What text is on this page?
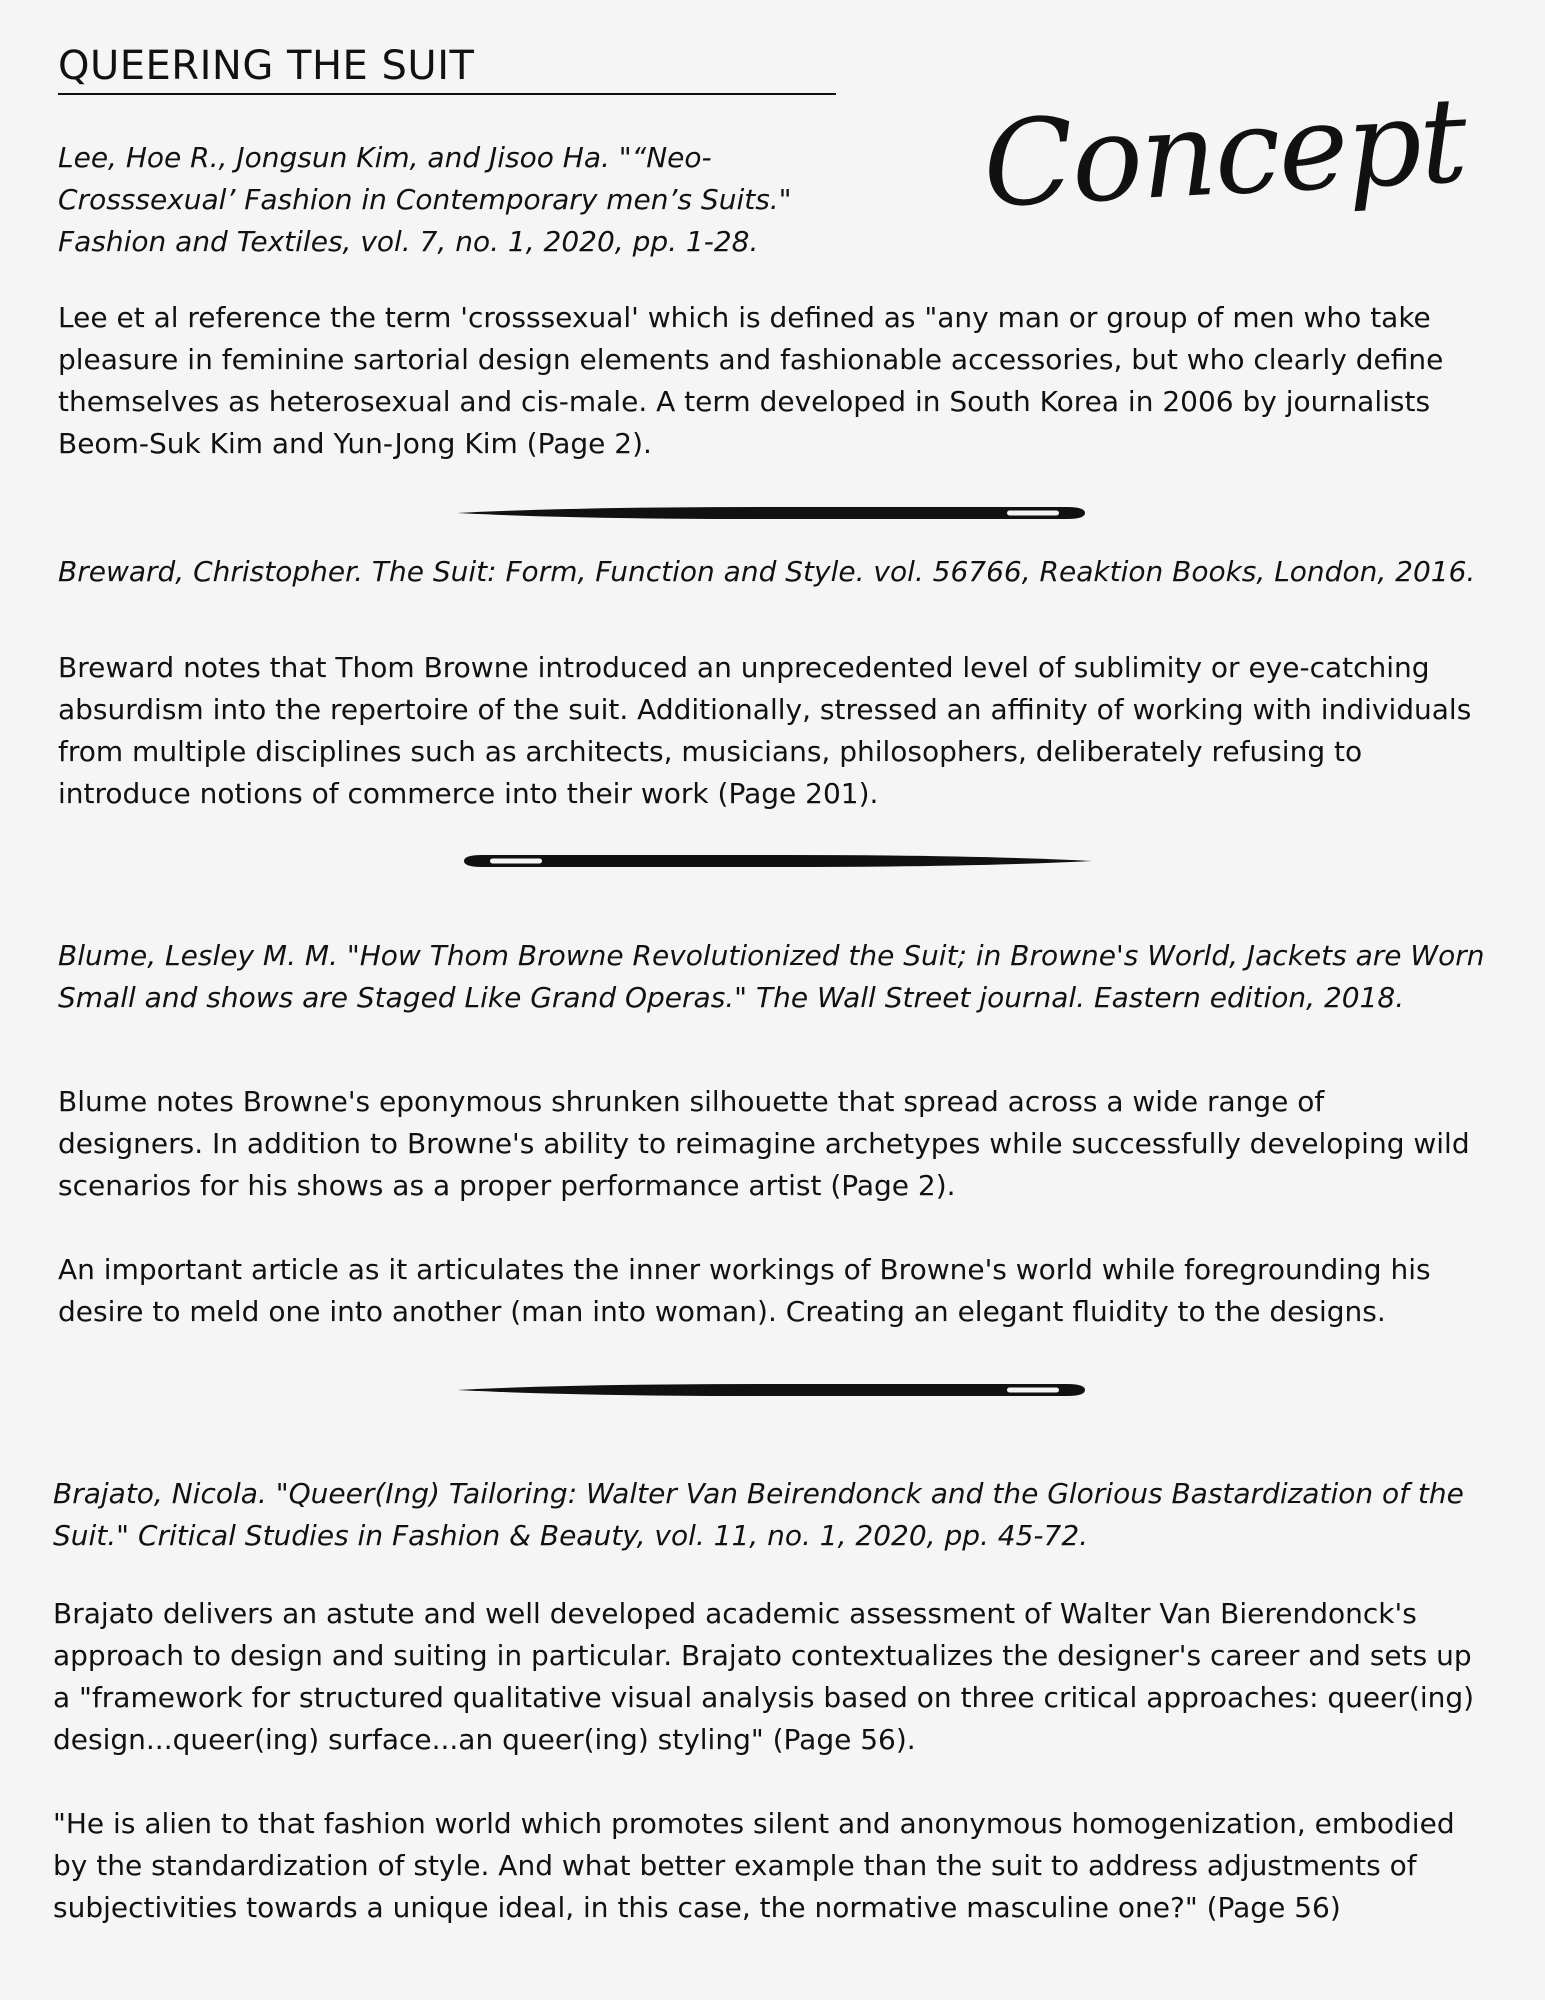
QUEERING THE SUIT
Concept

Lee, Hoe R., Jongsun Kim, and Jisoo Ha. "“Neo-Crosssexual’ Fashion in Contemporary men’s Suits." Fashion and Textiles, vol. 7, no. 1, 2020, pp. 1-28.

Lee et al reference the term 'crosssexual' which is defined as "any man or group of men who take pleasure in feminine sartorial design elements and fashionable accessories, but who clearly define themselves as heterosexual and cis-male. A term developed in South Korea in 2006 by journalists Beom-Suk Kim and Yun-Jong Kim (Page 2).

Breward, Christopher. The Suit: Form, Function and Style. vol. 56766, Reaktion Books, London, 2016.

Breward notes that Thom Browne introduced an unprecedented level of sublimity or eye-catching absurdism into the repertoire of the suit. Additionally, stressed an affinity of working with individuals from multiple disciplines such as architects, musicians, philosophers, deliberately refusing to introduce notions of commerce into their work (Page 201).

Blume, Lesley M. M. "How Thom Browne Revolutionized the Suit; in Browne's World, Jackets are Worn Small and shows are Staged Like Grand Operas." The Wall Street journal. Eastern edition, 2018.

Blume notes Browne's eponymous shrunken silhouette that spread across a wide range of designers. In addition to Browne's ability to reimagine archetypes while successfully developing wild scenarios for his shows as a proper performance artist (Page 2).

An important article as it articulates the inner workings of Browne's world while foregrounding his desire to meld one into another (man into woman). Creating an elegant fluidity to the designs.

Brajato, Nicola. "Queer(Ing) Tailoring: Walter Van Beirendonck and the Glorious Bastardization of the Suit." Critical Studies in Fashion & Beauty, vol. 11, no. 1, 2020, pp. 45-72.

Brajato delivers an astute and well developed academic assessment of Walter Van Bierendonck's approach to design and suiting in particular. Brajato contextualizes the designer's career and sets up a "framework for structured qualitative visual analysis based on three critical approaches: queer(ing) design...queer(ing) surface...an queer(ing) styling" (Page 56).

"He is alien to that fashion world which promotes silent and anonymous homogenization, embodied by the standardization of style. And what better example than the suit to address adjustments of subjectivities towards a unique ideal, in this case, the normative masculine one?" (Page 56)
